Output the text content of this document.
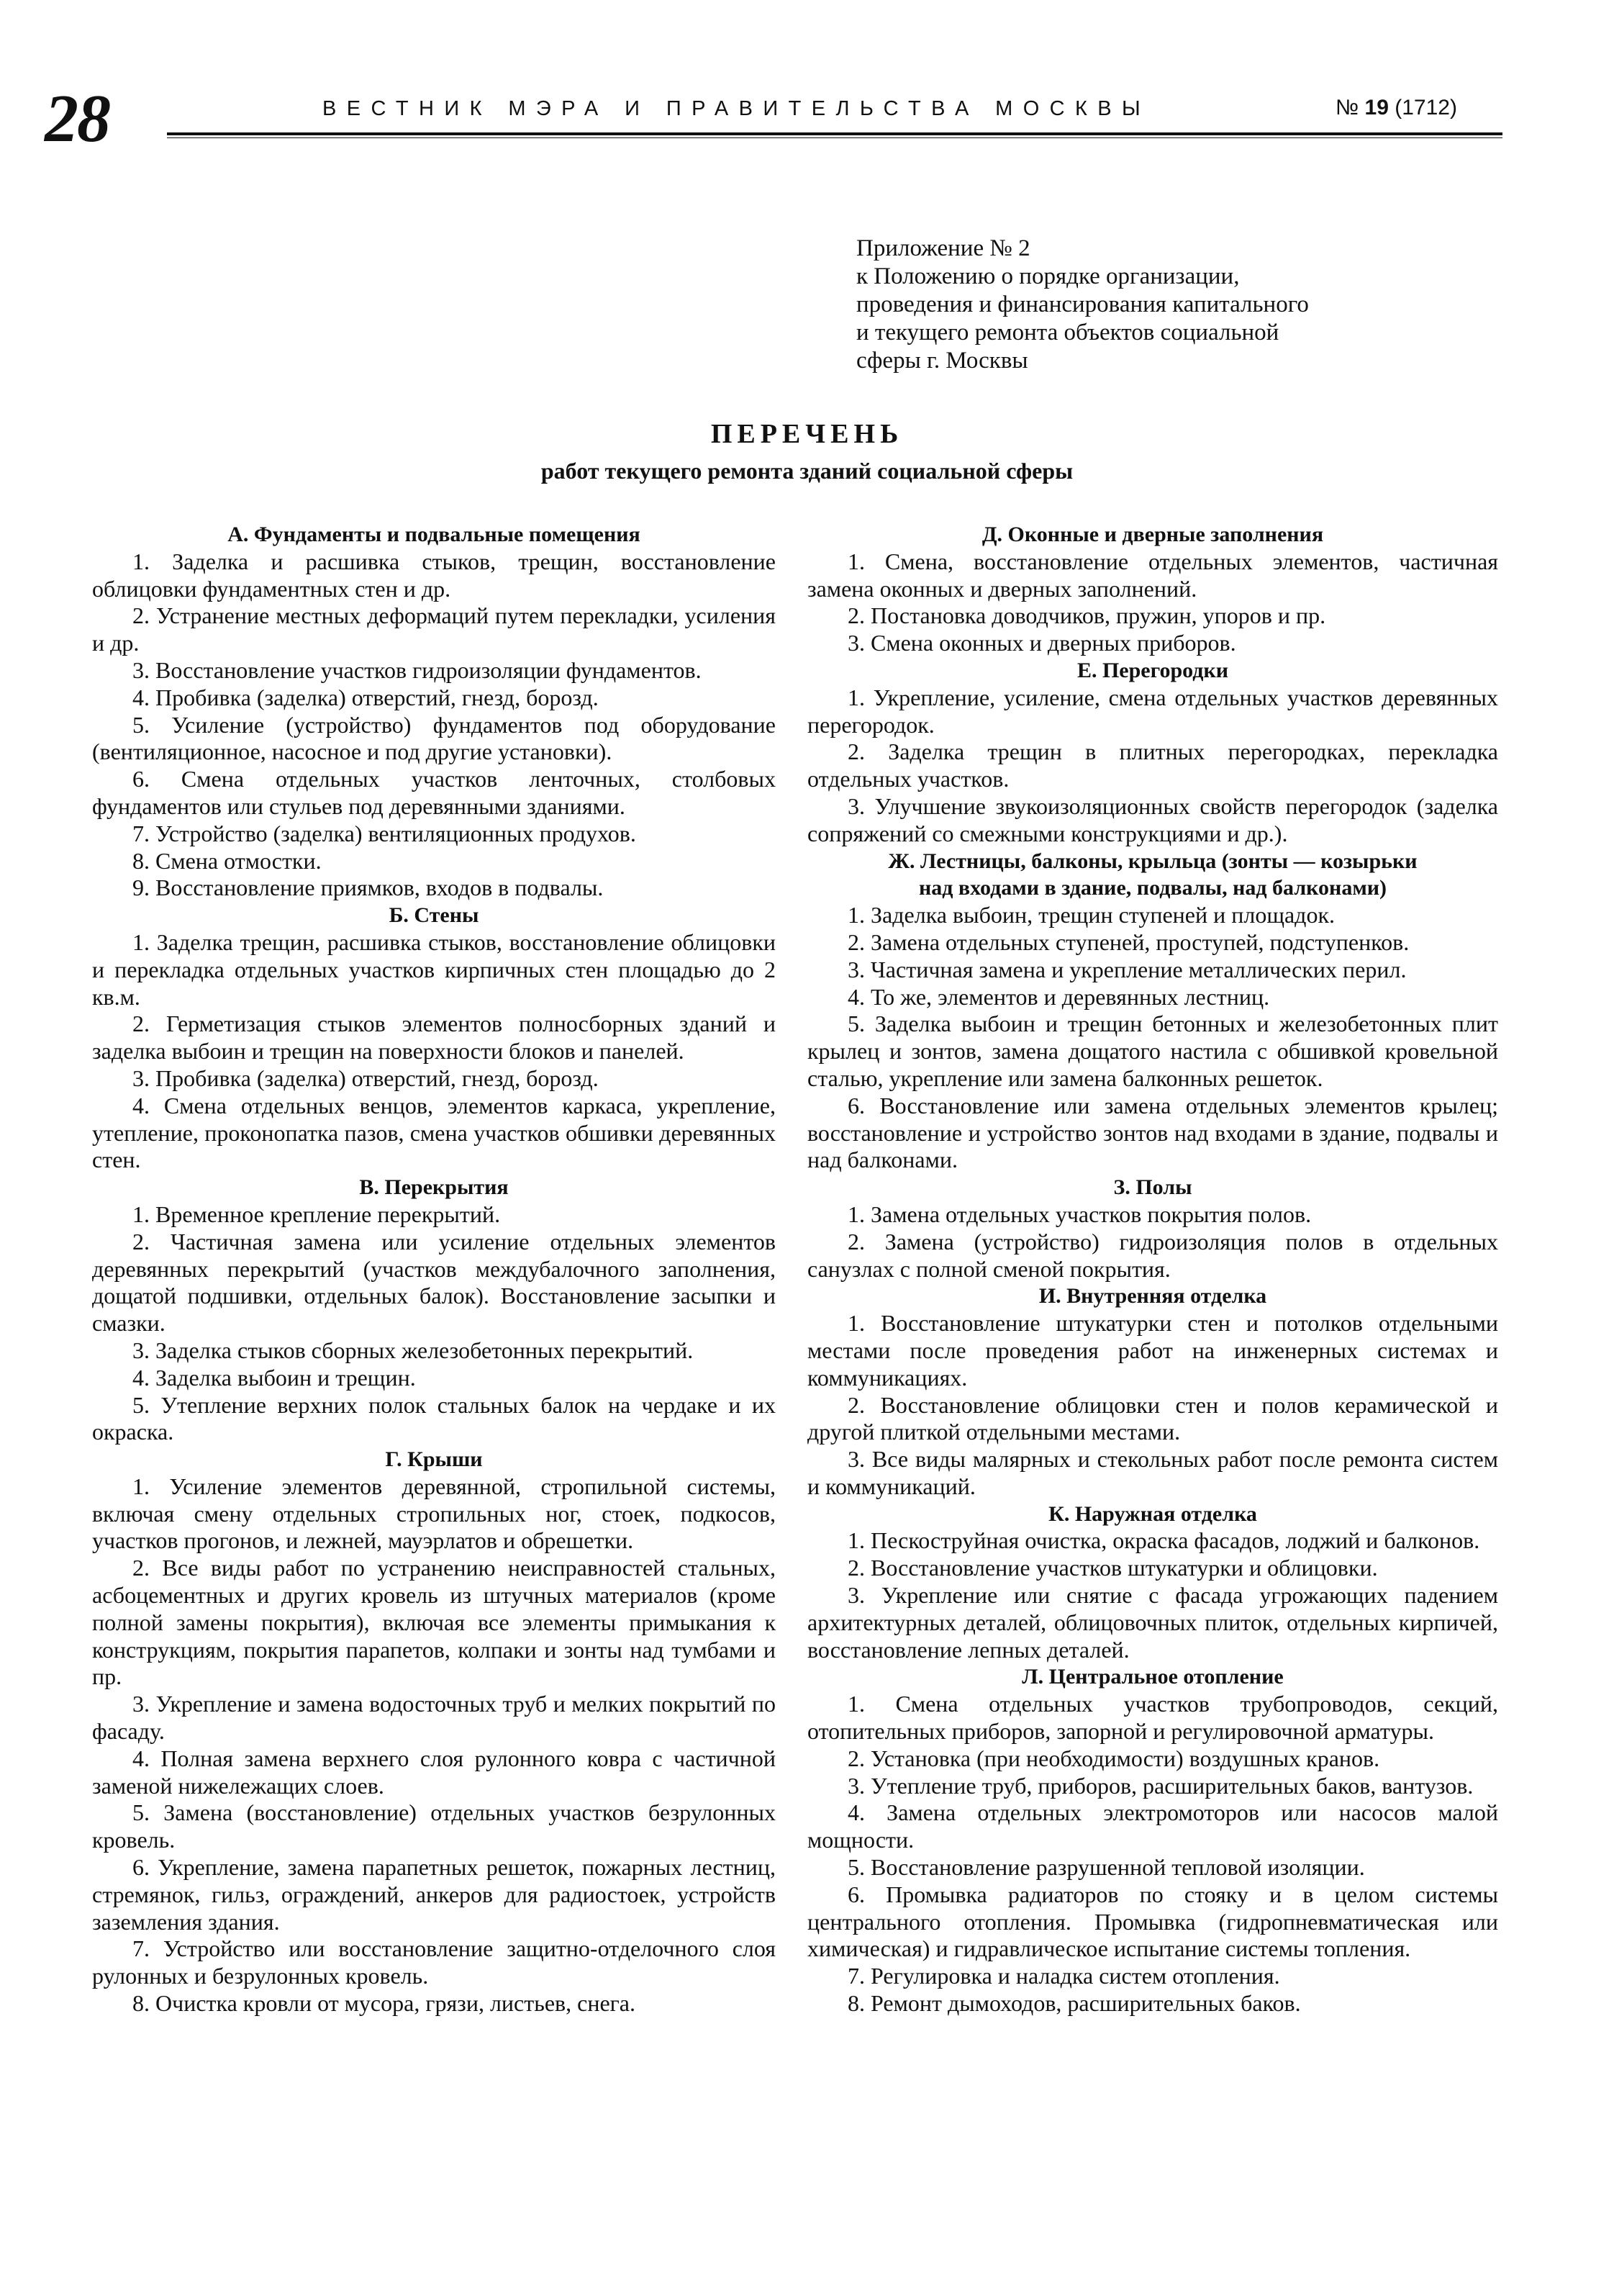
28	ВЕСТНИК МЭРА И ПРАВИТЕЛЬСТВА МОСКВЫ	№ 19 (1712)
Приложение № 2
к Положению о порядке организации,
проведения и финансирования капитального
и текущего ремонта объектов социальной
сферы г. Москвы
ПЕРЕЧЕНЬ
работ текущего ремонта зданий социальной сферы
А. Фундаменты и подвальные помещения
1. Заделка и расшивка стыков, трещин, восстановление облицовки фундаментных стен и др.
2. Устранение местных деформаций путем перекладки, усиления и др.
3. Восстановление участков гидроизоляции фундаментов.
4. Пробивка (заделка) отверстий, гнезд, борозд.
5. Усиление (устройство) фундаментов под оборудование (вентиляционное, насосное и под другие установки).
6. Смена отдельных участков ленточных, столбовых фундаментов или стульев под деревянными зданиями.
7. Устройство (заделка) вентиляционных продухов.
8. Смена отмостки.
9. Восстановление приямков, входов в подвалы.
Б. Стены
1. Заделка трещин, расшивка стыков, восстановление облицовки и перекладка отдельных участков кирпичных стен площадью до 2 кв.м.
2. Герметизация стыков элементов полносборных зданий и заделка выбоин и трещин на поверхности блоков и панелей.
3. Пробивка (заделка) отверстий, гнезд, борозд.
4. Смена отдельных венцов, элементов каркаса, укрепление, утепление, проконопатка пазов, смена участков обшивки деревянных стен.
В. Перекрытия
1. Временное крепление перекрытий.
2. Частичная замена или усиление отдельных элементов деревянных перекрытий (участков междубалочного заполнения, дощатой подшивки, отдельных балок). Восстановление засыпки и смазки.
3. Заделка стыков сборных железобетонных перекрытий.
4. Заделка выбоин и трещин.
5. Утепление верхних полок стальных балок на чердаке и их окраска.
Г. Крыши
1. Усиление элементов деревянной, стропильной системы, включая смену отдельных стропильных ног, стоек, подкосов, участков прогонов, и лежней, мауэрлатов и обрешетки.
2. Все виды работ по устранению неисправностей стальных, асбоцементных и других кровель из штучных материалов (кроме полной замены покрытия), включая все элементы примыкания к конструкциям, покрытия парапетов, колпаки и зонты над тумбами и пр.
3. Укрепление и замена водосточных труб и мелких покрытий по фасаду.
4. Полная замена верхнего слоя рулонного ковра с частичной заменой нижележащих слоев.
5. Замена (восстановление) отдельных участков безрулонных кровель.
6. Укрепление, замена парапетных решеток, пожарных лестниц, стремянок, гильз, ограждений, анкеров для радиостоек, устройств заземления здания.
7. Устройство или восстановление защитно-отделочного слоя рулонных и безрулонных кровель.
8. Очистка кровли от мусора, грязи, листьев, снега.
Д. Оконные и дверные заполнения
1. Смена, восстановление отдельных элементов, частичная замена оконных и дверных заполнений.
2. Постановка доводчиков, пружин, упоров и пр.
3. Смена оконных и дверных приборов.
Е. Перегородки
1. Укрепление, усиление, смена отдельных участков деревянных перегородок.
2. Заделка трещин в плитных перегородках, перекладка отдельных участков.
3. Улучшение звукоизоляционных свойств перегородок (заделка сопряжений со смежными конструкциями и др.).
Ж. Лестницы, балконы, крыльца (зонты — козырьки
над входами в здание, подвалы, над балконами)
1. Заделка выбоин, трещин ступеней и площадок.
2. Замена отдельных ступеней, проступей, подступенков.
3. Частичная замена и укрепление металлических перил.
4. То же, элементов и деревянных лестниц.
5. Заделка выбоин и трещин бетонных и железобетонных плит крылец и зонтов, замена дощатого настила с обшивкой кровельной сталью, укрепление или замена балконных решеток.
6. Восстановление или замена отдельных элементов крылец; восстановление и устройство зонтов над входами в здание, подвалы и над балконами.
З. Полы
1. Замена отдельных участков покрытия полов.
2. Замена (устройство) гидроизоляция полов в отдельных санузлах с полной сменой покрытия.
И. Внутренняя отделка
1. Восстановление штукатурки стен и потолков отдельными местами после проведения работ на инженерных системах и коммуникациях.
2. Восстановление облицовки стен и полов керамической и другой плиткой отдельными местами.
3. Все виды малярных и стекольных работ после ремонта систем и коммуникаций.
К. Наружная отделка
1. Пескоструйная очистка, окраска фасадов, лоджий и балконов.
2. Восстановление участков штукатурки и облицовки.
3. Укрепление или снятие с фасада угрожающих падением архитектурных деталей, облицовочных плиток, отдельных кирпичей, восстановление лепных деталей.
Л. Центральное отопление
1. Смена отдельных участков трубопроводов, секций, отопительных приборов, запорной и регулировочной арматуры.
2. Установка (при необходимости) воздушных кранов.
3. Утепление труб, приборов, расширительных баков, вантузов.
4. Замена отдельных электромоторов или насосов малой мощности.
5. Восстановление разрушенной тепловой изоляции.
6. Промывка радиаторов по стояку и в целом системы центрального отопления. Промывка (гидропневматическая или химическая) и гидравлическое испытание системы топления.
7. Регулировка и наладка систем отопления.
8. Ремонт дымоходов, расширительных баков.
